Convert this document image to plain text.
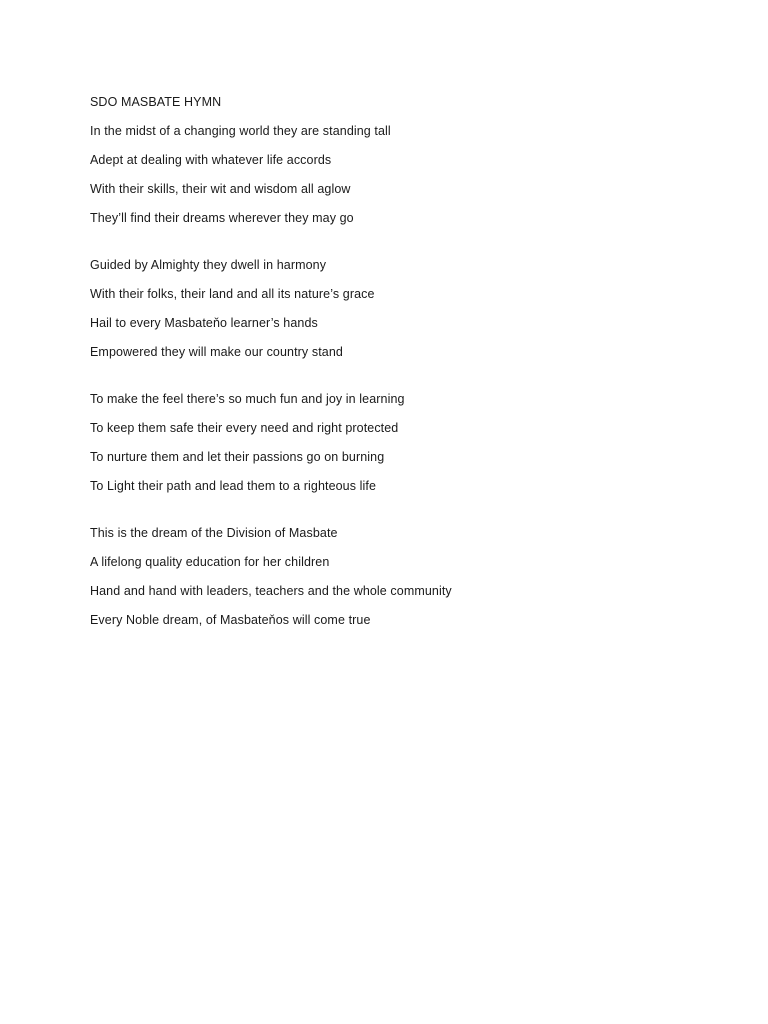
SDO MASBATE HYMN
In the midst of a changing world they are standing tall
Adept at dealing with whatever life accords
With their skills, their wit and wisdom all aglow
They’ll find their dreams wherever they may go
Guided by Almighty they dwell in harmony
With their folks, their land and all its nature’s grace
Hail to every Masbateňo learner’s hands
Empowered they will make our country stand
To make the feel there’s so much fun and joy in learning
To keep them safe their every need and right protected
To nurture them and let their passions go on burning
To Light their path and lead them to a righteous life
This is the dream of the Division of Masbate
A lifelong quality education for her children
Hand and hand with leaders, teachers and the whole community
Every Noble dream, of Masbateňos will come true
